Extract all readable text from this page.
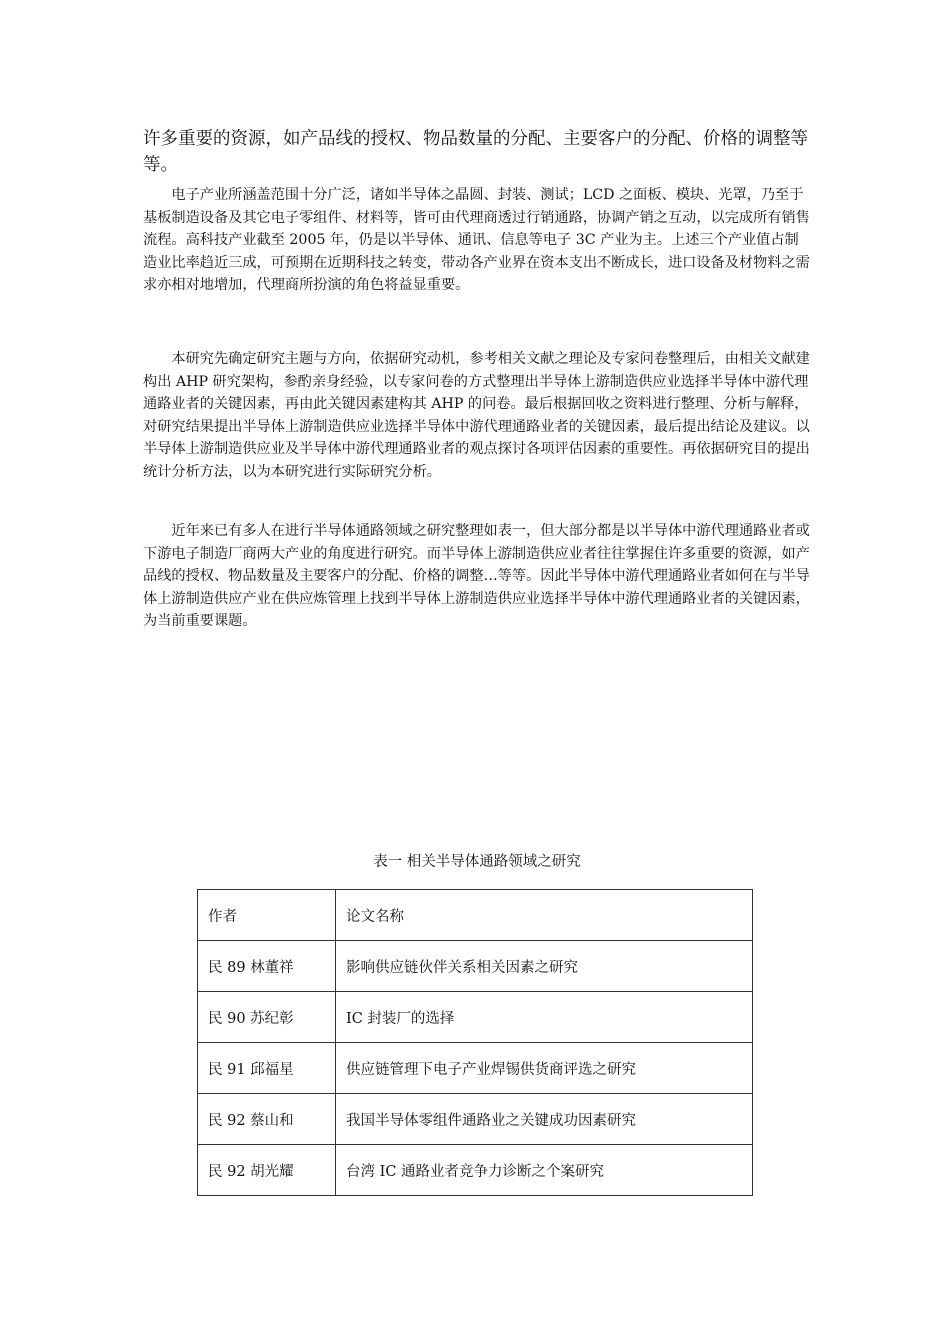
许多重要的资源，如产品线的授权、物品数量的分配、主要客户的分配、价格的调整等等。

电子产业所涵盖范围十分广泛，诸如半导体之晶圆、封装、测试；LCD 之面板、模块、光罩，乃至于基板制造设备及其它电子零组件、材料等，皆可由代理商透过行销通路，协调产销之互动，以完成所有销售流程。高科技产业截至 2005 年，仍是以半导体、通讯、信息等电子 3C 产业为主。上述三个产业值占制造业比率趋近三成，可预期在近期科技之转变，带动各产业界在资本支出不断成长，进口设备及材物料之需求亦相对地增加，代理商所扮演的角色将益显重要。

本研究先确定研究主题与方向，依据研究动机，参考相关文献之理论及专家问卷整理后，由相关文献建构出 AHP 研究架构，参酌亲身经验，以专家问卷的方式整理出半导体上游制造供应业选择半导体中游代理通路业者的关键因素，再由此关键因素建构其 AHP 的问卷。最后根据回收之资料进行整理、分析与解释，对研究结果提出半导体上游制造供应业选择半导体中游代理通路业者的关键因素，最后提出结论及建议。以半导体上游制造供应业及半导体中游代理通路业者的观点探讨各项评估因素的重要性。再依据研究目的提出统计分析方法，以为本研究进行实际研究分析。

近年来已有多人在进行半导体通路领域之研究整理如表一，但大部分都是以半导体中游代理通路业者或下游电子制造厂商两大产业的角度进行研究。而半导体上游制造供应业者往往掌握住许多重要的资源，如产品线的授权、物品数量及主要客户的分配、价格的调整…等等。因此半导体中游代理通路业者如何在与半导体上游制造供应产业在供应炼管理上找到半导体上游制造供应业选择半导体中游代理通路业者的关键因素，为当前重要课题。

表一 相关半导体通路领域之研究

作者	论文名称
民 89 林董祥	影响供应链伙伴关系相关因素之研究
民 90 苏纪彰	IC 封装厂的选择
民 91 邱福星	供应链管理下电子产业焊锡供货商评选之研究
民 92 蔡山和	我国半导体零组件通路业之关键成功因素研究
民 92 胡光耀	台湾 IC 通路业者竞争力诊断之个案研究
